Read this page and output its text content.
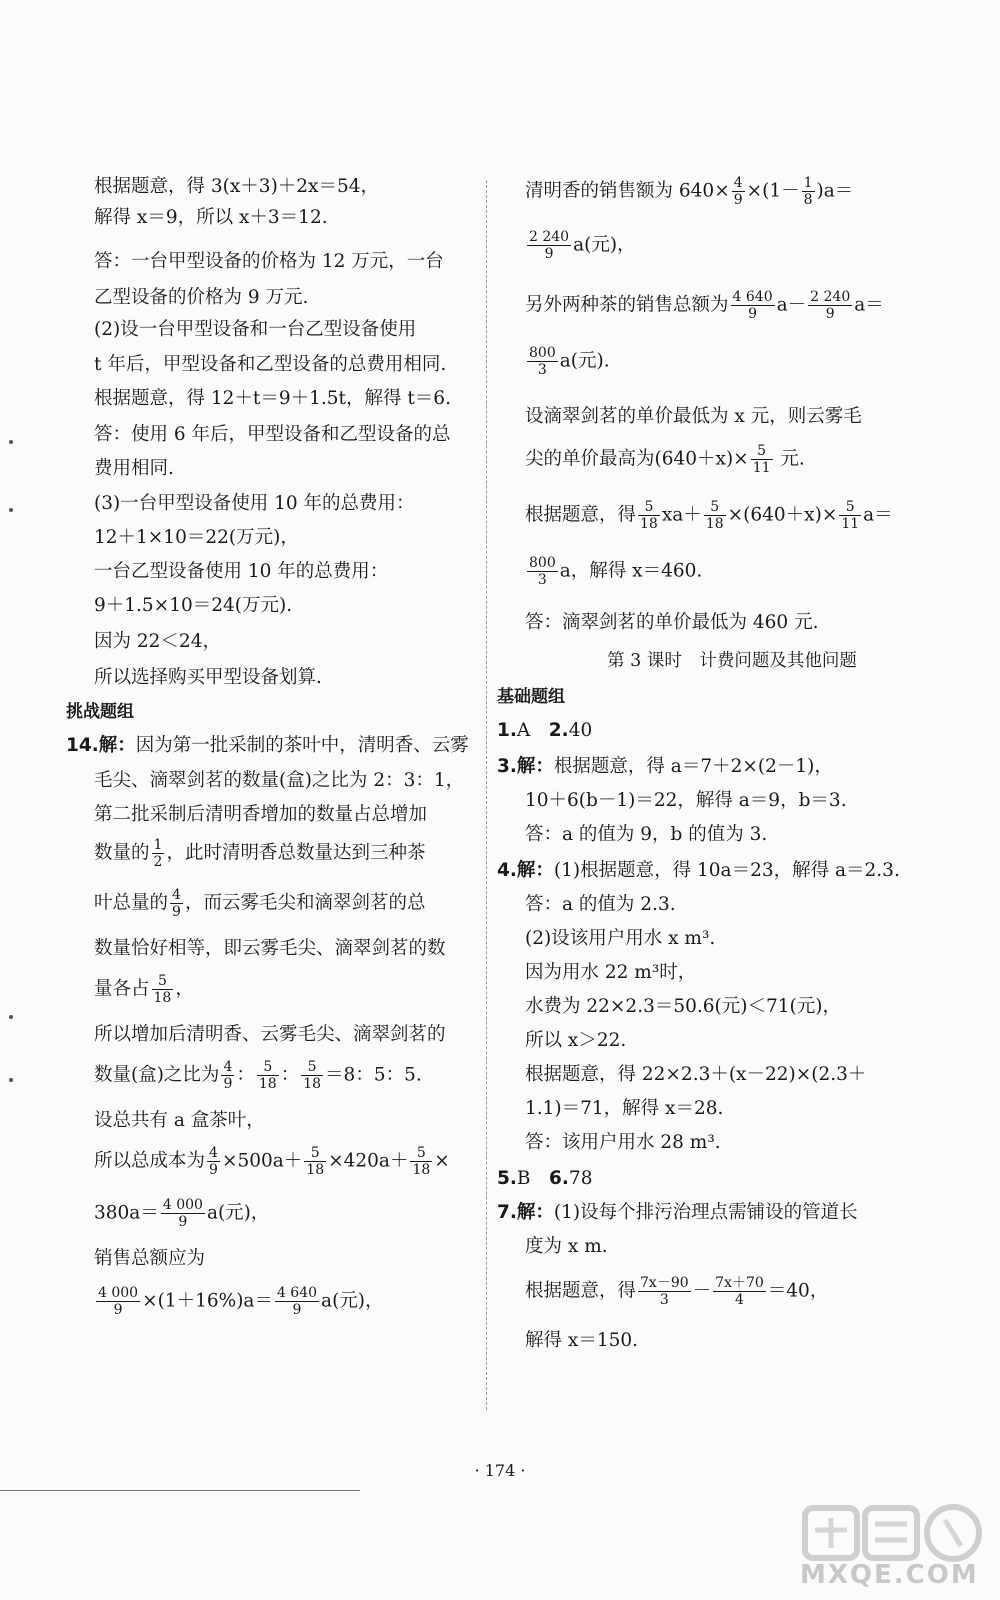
根据题意，得 3(x＋3)＋2x＝54，
解得 x＝9，所以 x＋3＝12.
答：一台甲型设备的价格为 12 万元，一台
乙型设备的价格为 9 万元.
(2)设一台甲型设备和一台乙型设备使用
t 年后，甲型设备和乙型设备的总费用相同.
根据题意，得 12＋t＝9＋1.5t，解得 t＝6.
答：使用 6 年后，甲型设备和乙型设备的总
费用相同.
(3)一台甲型设备使用 10 年的总费用：
12＋1×10＝22(万元)，
一台乙型设备使用 10 年的总费用：
9＋1.5×10＝24(万元).
因为 22＜24，
所以选择购买甲型设备划算.
挑战题组
14.解：因为第一批采制的茶叶中，清明香、云雾
毛尖、滴翠剑茗的数量(盒)之比为 2：3：1，
第二批采制后清明香增加的数量占总增加
数量的 $\frac{1}{2}$ ，此时清明香总数量达到三种茶
叶总量的 $\frac{4}{9}$ ，而云雾毛尖和滴翠剑茗的总
数量恰好相等，即云雾毛尖、滴翠剑茗的数
量各占 $\frac{5}{18}$ ，
所以增加后清明香、云雾毛尖、滴翠剑茗的
数量(盒)之比为 $\frac{4}{9}$ ： $\frac{5}{18}$ ： $\frac{5}{18} =8$：5：5.
设总共有 a 盒茶叶，
所以总成本为 $\frac{4}{9} \times 500a+ \frac{5}{18} \times 420a+ \frac{5}{18}$ ×
$380a= \frac{4 000}{9} a$(元)，
销售总额应为
$\frac{4 000}{9} \times(1+16\%)a= \frac{4 640}{9} a$(元)，
清明香的销售额为 $640\times \frac{4}{9} \times(1- \frac{1}{8} )a=$
$\frac{2 240}{9} a$(元)，
另外两种茶的销售总额为 $\frac{4 640}{9} a- \frac{2 240}{9} a=$
$\frac{800}{3} a$(元).
设滴翠剑茗的单价最低为 x 元，则云雾毛
尖的单价最高为$(640+x)\times \frac{5}{11}$ 元.
根据题意，得 $\frac{5}{18} xa+ \frac{5}{18} \times(640+x)\times \frac{5}{11} a=$
$\frac{800}{3}$ a，解得 x＝460.
答：滴翠剑茗的单价最低为 460 元.
第 3 课时　计费问题及其他问题
基础题组
1.A　2.40
3.解：根据题意，得 a＝7＋2×(2－1)，
10＋6(b－1)＝22，解得 a＝9，b＝3.
答：a 的值为 9，b 的值为 3.
4.解：(1)根据题意，得 10a＝23，解得 a＝2.3.
答：a 的值为 2.3.
(2)设该用户用水 x m³.
因为用水 22 m³时，
水费为 22×2.3＝50.6(元)＜71(元)，
所以 x＞22.
根据题意，得 22×2.3＋(x－22)×(2.3＋
1.1)＝71，解得 x＝28.
答：该用户用水 28 m³.
5.B　6.78
7.解：(1)设每个排污治理点需铺设的管道长
度为 x m.
根据题意，得 $\frac{7x-90}{3} - \frac{7x+70}{4} =40$，
解得 x＝150.
· 174 ·
MXQE.COM
